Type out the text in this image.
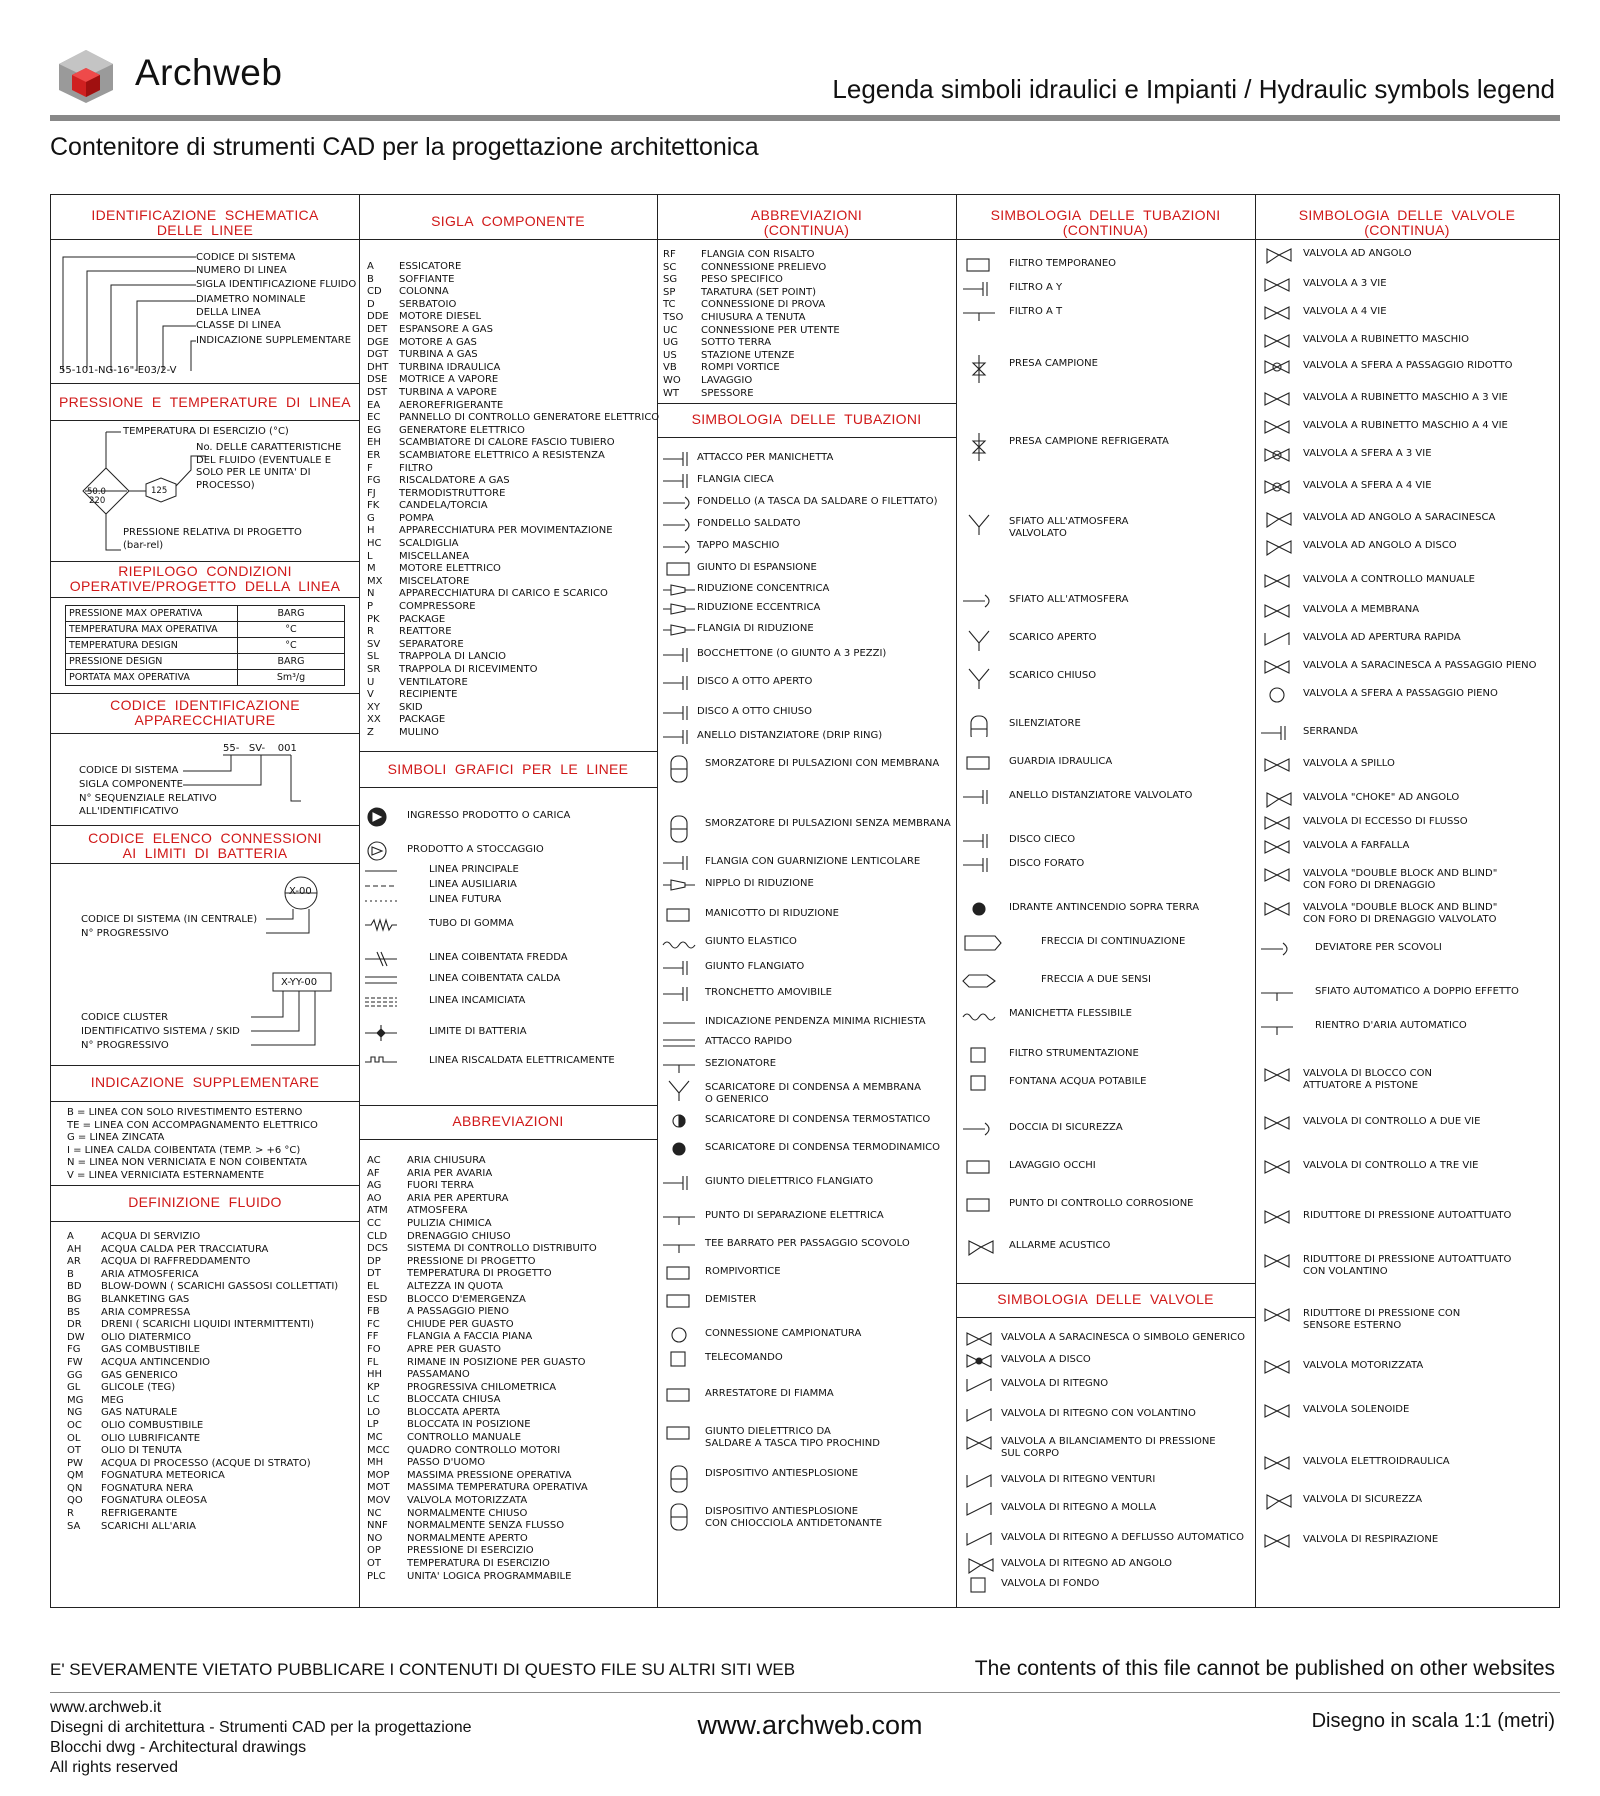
Archweb	Legenda simboli idraulici e Impianti / Hydraulic symbols legend
Contenitore di strumenti CAD per la progettazione architettonica
IDENTIFICAZIONE  SCHEMATICA
DELLE  LINEE
CODICE DI SISTEMA
NUMERO DI LINEA
SIGLA IDENTIFICAZIONE FLUIDO
DIAMETRO NOMINALE
DELLA LINEA
CLASSE DI LINEA
INDICAZIONE SUPPLEMENTARE
55-101-NG-16"-E03/2-V
PRESSIONE  E  TEMPERATURE  DI  LINEA
50.0
220
125
TEMPERATURA DI ESERCIZIO (°C)
No. DELLE CARATTERISTICHE
DEL FLUIDO (EVENTUALE E
SOLO PER LE UNITA' DI
PROCESSO)
PRESSIONE RELATIVA DI PROGETTO
(bar-rel)
RIEPILOGO  CONDIZIONI
OPERATIVE/PROGETTO  DELLA  LINEA
PRESSIONE MAX OPERATIVA	BARG
TEMPERATURA MAX OPERATIVA	°C
TEMPERATURA DESIGN	°C
PRESSIONE DESIGN	BARG
PORTATA MAX OPERATIVA	Sm³/g
CODICE  IDENTIFICAZIONE
APPARECCHIATURE
55-   SV-    001
CODICE DI SISTEMA
SIGLA COMPONENTE
N° SEQUENZIALE RELATIVO
ALL'IDENTIFICATIVO
CODICE  ELENCO  CONNESSIONI
AI  LIMITI  DI  BATTERIA
X-00
CODICE DI SISTEMA (IN CENTRALE)
N° PROGRESSIVO
X-YY-00
CODICE CLUSTER
IDENTIFICATIVO SISTEMA / SKID
N° PROGRESSIVO
INDICAZIONE  SUPPLEMENTARE
B = LINEA CON SOLO RIVESTIMENTO ESTERNO
TE = LINEA CON ACCOMPAGNAMENTO ELETTRICO
G = LINEA ZINCATA
I = LINEA CALDA COIBENTATA (TEMP. > +6 °C)
N = LINEA NON VERNICIATA E NON COIBENTATA
V = LINEA VERNICIATA ESTERNAMENTE
DEFINIZIONE  FLUIDO
A	ACQUA DI SERVIZIO
AH ACQUA CALDA PER TRACCIATURA
AR ACQUA DI RAFFREDDAMENTO
B	ARIA ATMOSFERICA
BD BLOW-DOWN ( SCARICHI GASSOSI COLLETTATI)
BG BLANKETING GAS
BS ARIA COMPRESSA
DR DRENI ( SCARICHI LIQUIDI INTERMITTENTI)
DW OLIO DIATERMICO
FG GAS COMBUSTIBILE
FW ACQUA ANTINCENDIO
GG GAS GENERICO
GL GLICOLE (TEG)
MG MEG
NG GAS NATURALE
OC OLIO COMBUSTIBILE
OL OLIO LUBRIFICANTE
OT OLIO DI TENUTA
PW ACQUA DI PROCESSO (ACQUE DI STRATO)
QM FOGNATURA METEORICA
QN FOGNATURA NERA
QO FOGNATURA OLEOSA
R	REFRIGERANTE
SA SCARICHI ALL'ARIA
SIGLA  COMPONENTE
A	ESSICATORE
B	SOFFIANTE
CD COLONNA
D SERBATOIO
DDE MOTORE DIESEL
DET ESPANSORE A GAS
DGE MOTORE A GAS
DGT TURBINA A GAS
DHT TURBINA IDRAULICA
DSE MOTRICE A VAPORE
DST TURBINA A VAPORE
EA AEROREFRIGERANTE
EC PANNELLO DI CONTROLLO GENERATORE ELETTRICO
EG GENERATORE ELETTRICO
EH SCAMBIATORE DI CALORE FASCIO TUBIERO
ER SCAMBIATORE ELETTRICO A RESISTENZA
F	FILTRO
FG RISCALDATORE A GAS
FJ TERMODISTRUTTORE
FK CANDELA/TORCIA
G POMPA
H APPARECCHIATURA PER MOVIMENTAZIONE
HC SCALDIGLIA
L	MISCELLANEA
M MOTORE ELETTRICO
MX MISCELATORE
N APPARECCHIATURA DI CARICO E SCARICO
P	COMPRESSORE
PK PACKAGE
R	REATTORE
SV SEPARATORE
SL TRAPPOLA DI LANCIO
SR TRAPPOLA DI RICEVIMENTO
U VENTILATORE
V	RECIPIENTE
XY SKID
XX PACKAGE
Z	MULINO
SIMBOLI  GRAFICI  PER  LE  LINEE
ABBREVIAZIONI
AC	ARIA CHIUSURA
AF	ARIA PER AVARIA
AG	FUORI TERRA
AO	ARIA PER APERTURA
ATM ATMOSFERA
CC	PULIZIA CHIMICA
CLD DRENAGGIO CHIUSO
DCS SISTEMA DI CONTROLLO DISTRIBUITO
DP	PRESSIONE DI PROGETTO
DT	TEMPERATURA DI PROGETTO
EL	ALTEZZA IN QUOTA
ESD BLOCCO D'EMERGENZA
FB	A PASSAGGIO PIENO
FC	CHIUDE PER GUASTO
FF	FLANGIA A FACCIA PIANA
FO	APRE PER GUASTO
FL	RIMANE IN POSIZIONE PER GUASTO
HH PASSAMANO
KP	PROGRESSIVA CHILOMETRICA
LC	BLOCCATA CHIUSA
LO	BLOCCATA APERTA
LP	BLOCCATA IN POSIZIONE
MC CONTROLLO MANUALE
MCC QUADRO CONTROLLO MOTORI
MH PASSO D'UOMO
MOP MASSIMA PRESSIONE OPERATIVA
MOT MASSIMA TEMPERATURA OPERATIVA
MOV VALVOLA MOTORIZZATA
NC	NORMALMENTE CHIUSO
NNF NORMALMENTE SENZA FLUSSO
NO NORMALMENTE APERTO
OP	PRESSIONE DI ESERCIZIO
OT	TEMPERATURA DI ESERCIZIO
PLC UNITA' LOGICA PROGRAMMABILE
ABBREVIAZIONI
(CONTINUA)
RF	FLANGIA CON RISALTO
SC CONNESSIONE PRELIEVO
SG PESO SPECIFICO
SP	TARATURA (SET POINT)
TC	CONNESSIONE DI PROVA
TSO CHIUSURA A TENUTA
UC CONNESSIONE PER UTENTE
UG SOTTO TERRA
US STAZIONE UTENZE
VB ROMPI VORTICE
WO LAVAGGIO
WT SPESSORE
SIMBOLOGIA  DELLE  TUBAZIONI
SIMBOLOGIA  DELLE  TUBAZIONI
(CONTINUA)
SIMBOLOGIA  DELLE  VALVOLE
SIMBOLOGIA  DELLE  VALVOLE
(CONTINUA)
INGRESSO PRODOTTO O CARICA
PRODOTTO A STOCCAGGIO
LINEA PRINCIPALE
LINEA AUSILIARIA
LINEA FUTURA
TUBO DI GOMMA
LINEA COIBENTATA FREDDA
LINEA COIBENTATA CALDA
LINEA INCAMICIATA
LIMITE DI BATTERIA
LINEA RISCALDATA ELETTRICAMENTE
ATTACCO PER MANICHETTA
FLANGIA CIECA
FONDELLO (A TASCA DA SALDARE O FILETTATO)
FONDELLO SALDATO
TAPPO MASCHIO
GIUNTO DI ESPANSIONE
RIDUZIONE CONCENTRICA
RIDUZIONE ECCENTRICA
FLANGIA DI RIDUZIONE
BOCCHETTONE (O GIUNTO A 3 PEZZI)
DISCO A OTTO APERTO
DISCO A OTTO CHIUSO
ANELLO DISTANZIATORE (DRIP RING)
SMORZATORE DI PULSAZIONI CON MEMBRANA
SMORZATORE DI PULSAZIONI SENZA MEMBRANA
FLANGIA CON GUARNIZIONE LENTICOLARE
NIPPLO DI RIDUZIONE
MANICOTTO DI RIDUZIONE
GIUNTO ELASTICO
GIUNTO FLANGIATO
TRONCHETTO AMOVIBILE
INDICAZIONE PENDENZA MINIMA RICHIESTA
ATTACCO RAPIDO
SEZIONATORE
SCARICATORE DI CONDENSA A MEMBRANA
O GENERICO
SCARICATORE DI CONDENSA TERMOSTATICO
SCARICATORE DI CONDENSA TERMODINAMICO
GIUNTO DIELETTRICO FLANGIATO
PUNTO DI SEPARAZIONE ELETTRICA
TEE BARRATO PER PASSAGGIO SCOVOLO
ROMPIVORTICE
DEMISTER
CONNESSIONE CAMPIONATURA
TELECOMANDO
ARRESTATORE DI FIAMMA
GIUNTO DIELETTRICO DA
SALDARE A TASCA TIPO PROCHIND
DISPOSITIVO ANTIESPLOSIONE
DISPOSITIVO ANTIESPLOSIONE
CON CHIOCCIOLA ANTIDETONANTE
FILTRO TEMPORANEO
FILTRO A Y
FILTRO A T
PRESA CAMPIONE
PRESA CAMPIONE REFRIGERATA
SFIATO ALL'ATMOSFERA
VALVOLATO
SFIATO ALL'ATMOSFERA
SCARICO APERTO
SCARICO CHIUSO
SILENZIATORE
GUARDIA IDRAULICA
ANELLO DISTANZIATORE VALVOLATO
DISCO CIECO
DISCO FORATO
IDRANTE ANTINCENDIO SOPRA TERRA
FRECCIA DI CONTINUAZIONE
FRECCIA A DUE SENSI
MANICHETTA FLESSIBILE
FILTRO STRUMENTAZIONE
FONTANA ACQUA POTABILE
DOCCIA DI SICUREZZA
LAVAGGIO OCCHI
PUNTO DI CONTROLLO CORROSIONE
ALLARME ACUSTICO
VALVOLA A SARACINESCA O SIMBOLO GENERICO
VALVOLA A DISCO
VALVOLA DI RITEGNO
VALVOLA DI RITEGNO CON VOLANTINO
VALVOLA A BILANCIAMENTO DI PRESSIONE
SUL CORPO
VALVOLA DI RITEGNO VENTURI
VALVOLA DI RITEGNO A MOLLA
VALVOLA DI RITEGNO A DEFLUSSO AUTOMATICO
VALVOLA DI RITEGNO AD ANGOLO
VALVOLA DI FONDO
VALVOLA AD ANGOLO
VALVOLA A 3 VIE
VALVOLA A 4 VIE
VALVOLA A RUBINETTO MASCHIO
VALVOLA A SFERA A PASSAGGIO RIDOTTO
VALVOLA A RUBINETTO MASCHIO A 3 VIE
VALVOLA A RUBINETTO MASCHIO A 4 VIE
VALVOLA A SFERA A 3 VIE
VALVOLA A SFERA A 4 VIE
VALVOLA AD ANGOLO A SARACINESCA
VALVOLA AD ANGOLO A DISCO
VALVOLA A CONTROLLO MANUALE
VALVOLA A MEMBRANA
VALVOLA AD APERTURA RAPIDA
VALVOLA A SARACINESCA A PASSAGGIO PIENO
VALVOLA A SFERA A PASSAGGIO PIENO
SERRANDA
VALVOLA A SPILLO
VALVOLA "CHOKE" AD ANGOLO
VALVOLA DI ECCESSO DI FLUSSO
VALVOLA A FARFALLA
VALVOLA "DOUBLE BLOCK AND BLIND"
CON FORO DI DRENAGGIO
VALVOLA "DOUBLE BLOCK AND BLIND"
CON FORO DI DRENAGGIO VALVOLATO
DEVIATORE PER SCOVOLI
SFIATO AUTOMATICO A DOPPIO EFFETTO
RIENTRO D'ARIA AUTOMATICO
VALVOLA DI BLOCCO CON
ATTUATORE A PISTONE
VALVOLA DI CONTROLLO A DUE VIE
VALVOLA DI CONTROLLO A TRE VIE
RIDUTTORE DI PRESSIONE AUTOATTUATO
RIDUTTORE DI PRESSIONE AUTOATTUATO
CON VOLANTINO
RIDUTTORE DI PRESSIONE CON
SENSORE ESTERNO
VALVOLA MOTORIZZATA
VALVOLA SOLENOIDE
VALVOLA ELETTROIDRAULICA
VALVOLA DI SICUREZZA
VALVOLA DI RESPIRAZIONE
E' SEVERAMENTE VIETATO PUBBLICARE I CONTENUTI DI QUESTO FILE SU ALTRI SITI WEB	The contents of this file cannot be published on other websites
www.archweb.it
Disegni di architettura - Strumenti CAD per la progettazione
Blocchi dwg - Architectural drawings
All rights reserved
www.archweb.com	Disegno in scala 1:1 (metri)
